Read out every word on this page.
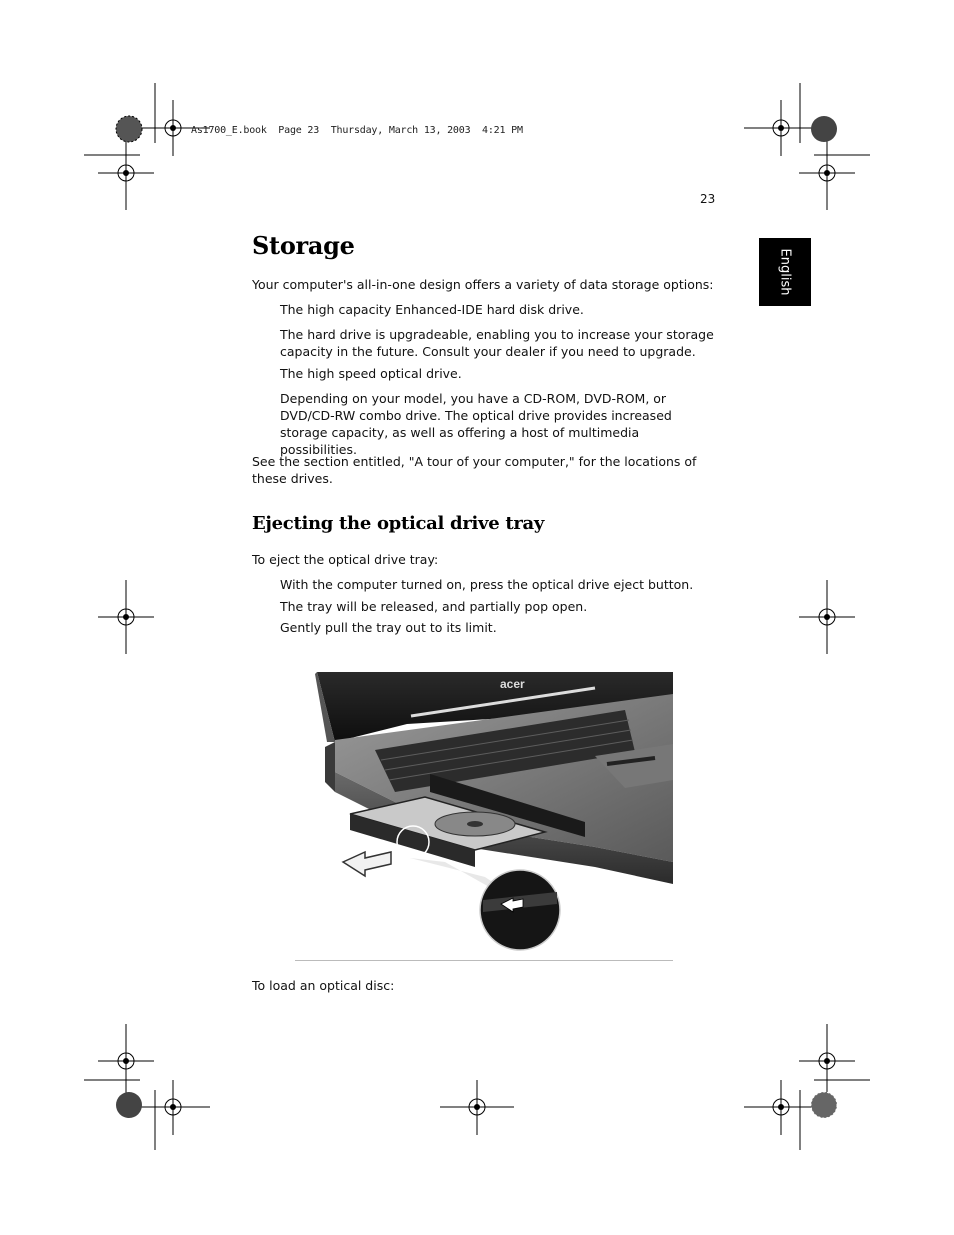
As1700_E.book  Page 23  Thursday, March 13, 2003  4:21 PM
23
English
Storage

Your computer's all-in-one design offers a variety of data storage options:

The high capacity Enhanced-IDE hard disk drive.

The hard drive is upgradeable, enabling you to increase your storage capacity in the future. Consult your dealer if you need to upgrade.

The high speed optical drive.

Depending on your model, you have a CD-ROM, DVD-ROM, or DVD/CD-RW combo drive. The optical drive provides increased storage capacity, as well as offering a host of multimedia possibilities.

See the section entitled, "A tour of your computer," for the locations of these drives.

Ejecting the optical drive tray

To eject the optical drive tray:

With the computer turned on, press the optical drive eject button.

The tray will be released, and partially pop open.

Gently pull the tray out to its limit.

acer

To load an optical disc:
